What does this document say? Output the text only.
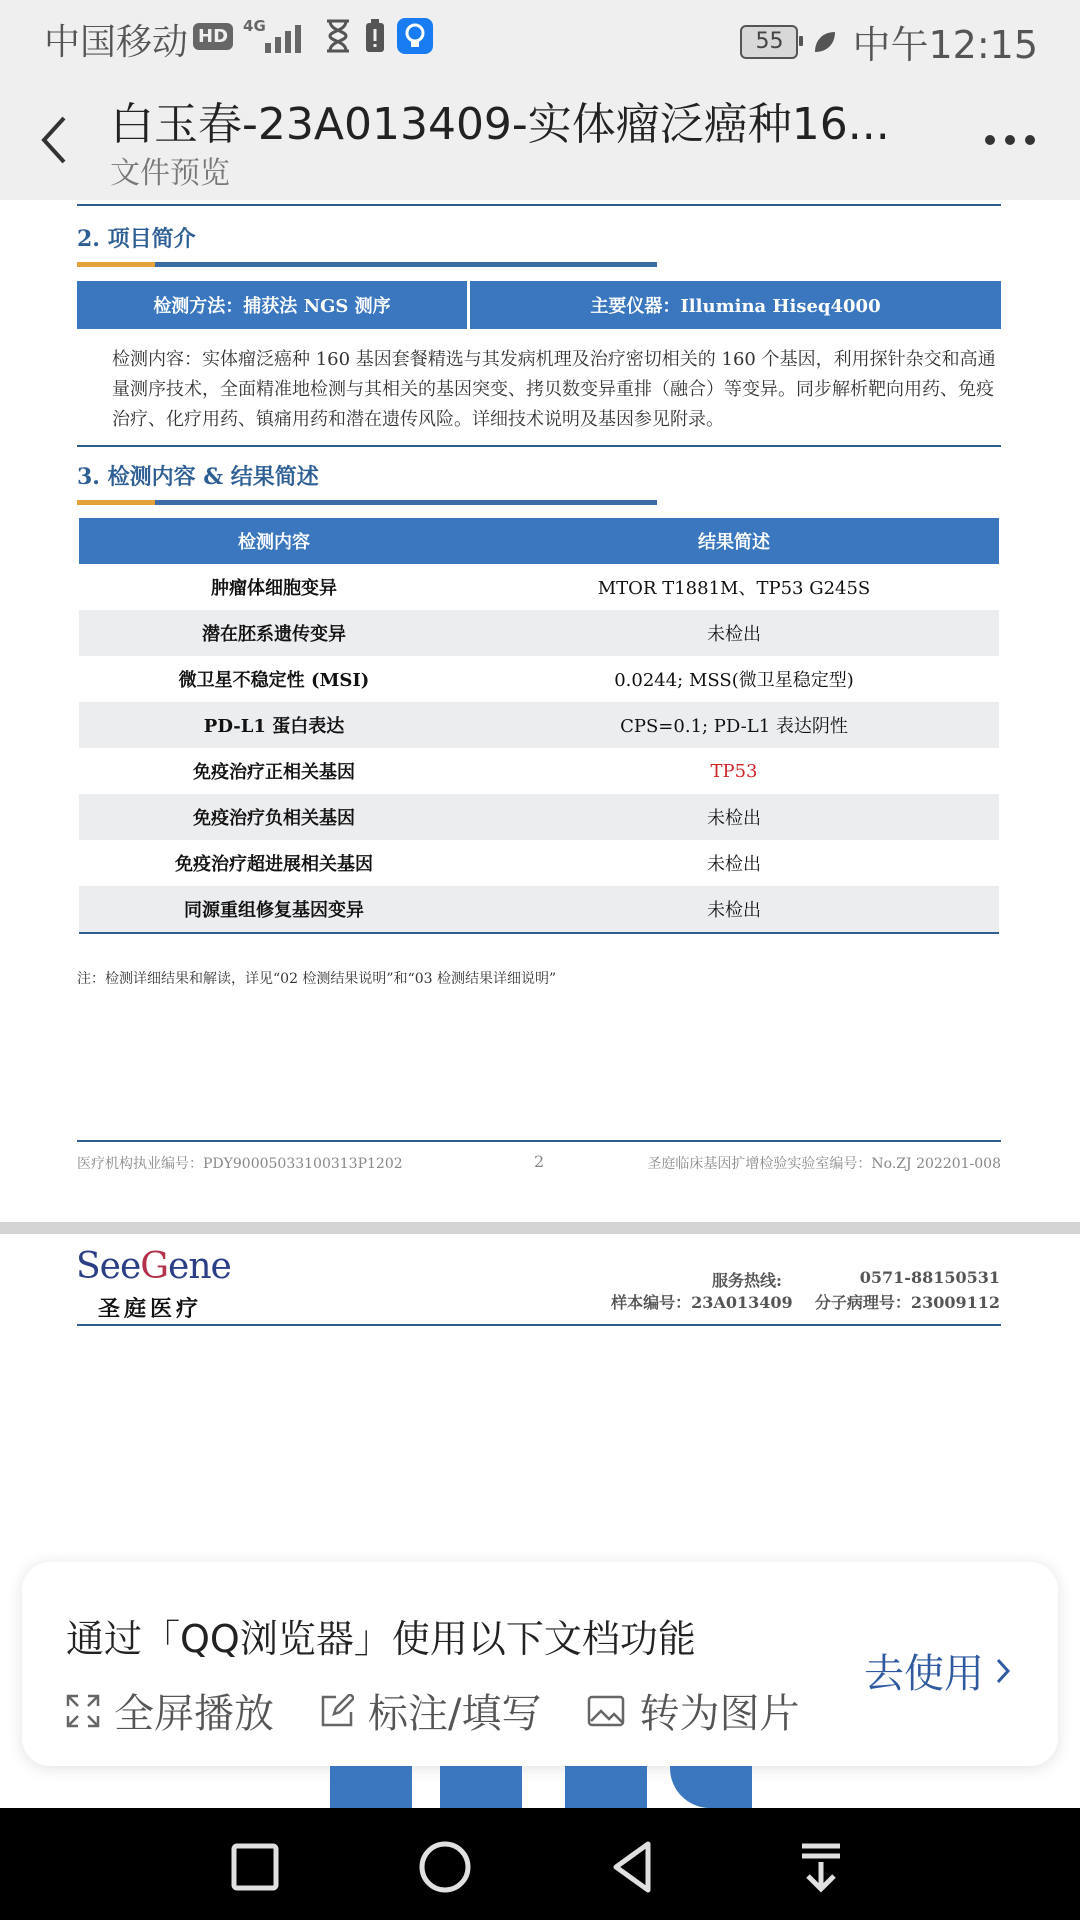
中国移动 HD	4G
55 中午12:15
白玉春-23A013409-实体瘤泛癌种16...
文件预览
2. 项目简介
检测方法：捕获法 NGS 测序	主要仪器：Illumina Hiseq4000
检测内容：实体瘤泛癌种 160 基因套餐精选与其发病机理及治疗密切相关的 160 个基因，利用探针杂交和高通量测序技术，全面精准地检测与其相关的基因突变、拷贝数变异重排（融合）等变异。同步解析靶向用药、免疫治疗、化疗用药、镇痛用药和潜在遗传风险。详细技术说明及基因参见附录。
3. 检测内容 & 结果简述
检测内容	结果简述
肿瘤体细胞变异	MTOR T1881M、TP53 G245S
潜在胚系遗传变异	未检出
微卫星不稳定性 (MSI)	0.0244; MSS(微卫星稳定型)
PD-L1 蛋白表达	CPS=0.1; PD-L1 表达阴性
免疫治疗正相关基因	TP53
免疫治疗负相关基因	未检出
免疫治疗超进展相关基因	未检出
同源重组修复基因变异	未检出
注：检测详细结果和解读，详见“02 检测结果说明”和“03 检测结果详细说明”
医疗机构执业编号：PDY90005033100313P1202	2	圣庭临床基因扩增检验实验室编号：No.ZJ 202201-008
SeeGene
圣庭医疗
服务热线:	0571-88150531
样本编号：23A013409    分子病理号：23009112
通过「QQ浏览器」使用以下文档功能
全屏播放 标注/填写 转为图片
去使用
